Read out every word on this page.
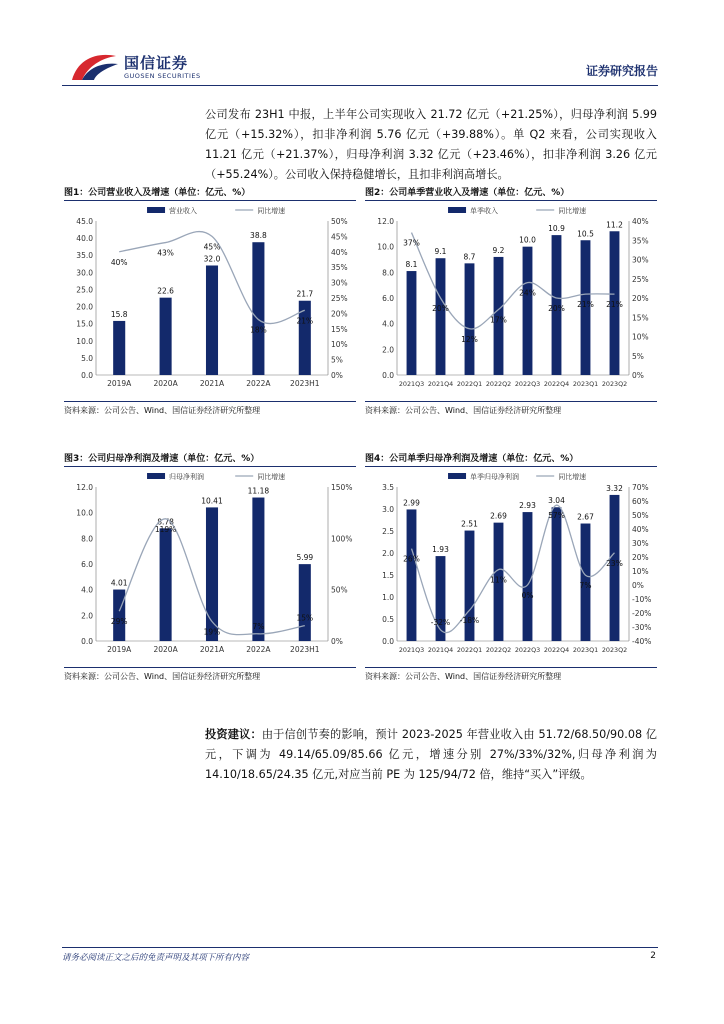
国信证券
GUOSEN SECURITIES	证券研究报告
公司发布 23H1 中报，上半年公司实现收入 21.72 亿元（+21.25%），归母净利润 5.99 亿元（+15.32%），扣非净利润 5.76 亿元（+39.88%）。单 Q2 来看，公司实现收入 11.21 亿元（+21.37%），归母净利润 3.32 亿元（+23.46%），扣非净利润 3.26 亿元（+55.24%）。公司收入保持稳健增长，且扣非利润高增长。
图1：公司营业收入及增速（单位：亿元、%）
0.0
5.0
10.0
15.0
20.0
25.0
30.0
35.0
40.0
45.0
0%
5%
10%
15%
20%
25%
30%
35%
40%
45%
50%
2019A	2020A	2021A	2022A	2023H1
15.8
22.6
32.0
38.8
21.7
40%
43%
45%
18%
21%
营业收入	同比增速
资料来源：公司公告、Wind、国信证券经济研究所整理
图2：公司单季营业收入及增速（单位：亿元、%）
0.0
2.0
4.0
6.0
8.0
10.0
12.0
0%
5%
10%
15%
20%
25%
30%
35%
40%
2021Q3 2021Q4 2022Q1 2022Q2 2022Q3 2022Q4 2023Q1 2023Q2
8.1
9.1
8.7
9.2
10.0
10.9
10.5
11.2
37%
20%
12%
17%
24%
20% 21% 21%
单季收入	同比增速
资料来源：公司公告、Wind、国信证券经济研究所整理
图3：公司归母净利润及增速（单位：亿元、%）
0.0
2.0
4.0
6.0
8.0
10.0
12.0
0%
50%
100%
150%
2019A	2020A	2021A	2022A	2023H1
4.01
8.78
10.41
11.18
5.99
29%
119%
19%
7%
15%
归母净利润	同比增速
资料来源：公司公告、Wind、国信证券经济研究所整理
图4：公司单季归母净利润及增速（单位：亿元、%）
0.0
0.5
1.0
1.5
2.0
2.5
3.0
3.5
-40%
-30%
-20%
-10%
0%
10%
20%
30%
40%
50%
60%
70%
2021Q3 2021Q4 2022Q1 2022Q2 2022Q3 2022Q4 2023Q1 2023Q2
2.99
1.93
2.51
2.69
2.93
3.04
2.67
3.32
26%
-32% -18%
11%
0%
57%
7%
23%
单季归母净利润	同比增速
资料来源：公司公告、Wind、国信证券经济研究所整理
投资建议：由于信创节奏的影响，预计 2023-2025 年营业收入由 51.72/68.50/90.08 亿元，下调为 49.14/65.09/85.66 亿元，增速分别 27%/33%/32%,归母净利润为 14.10/18.65/24.35 亿元,对应当前 PE 为 125/94/72 倍，维持“买入”评级。
请务必阅读正文之后的免责声明及其项下所有内容	2
